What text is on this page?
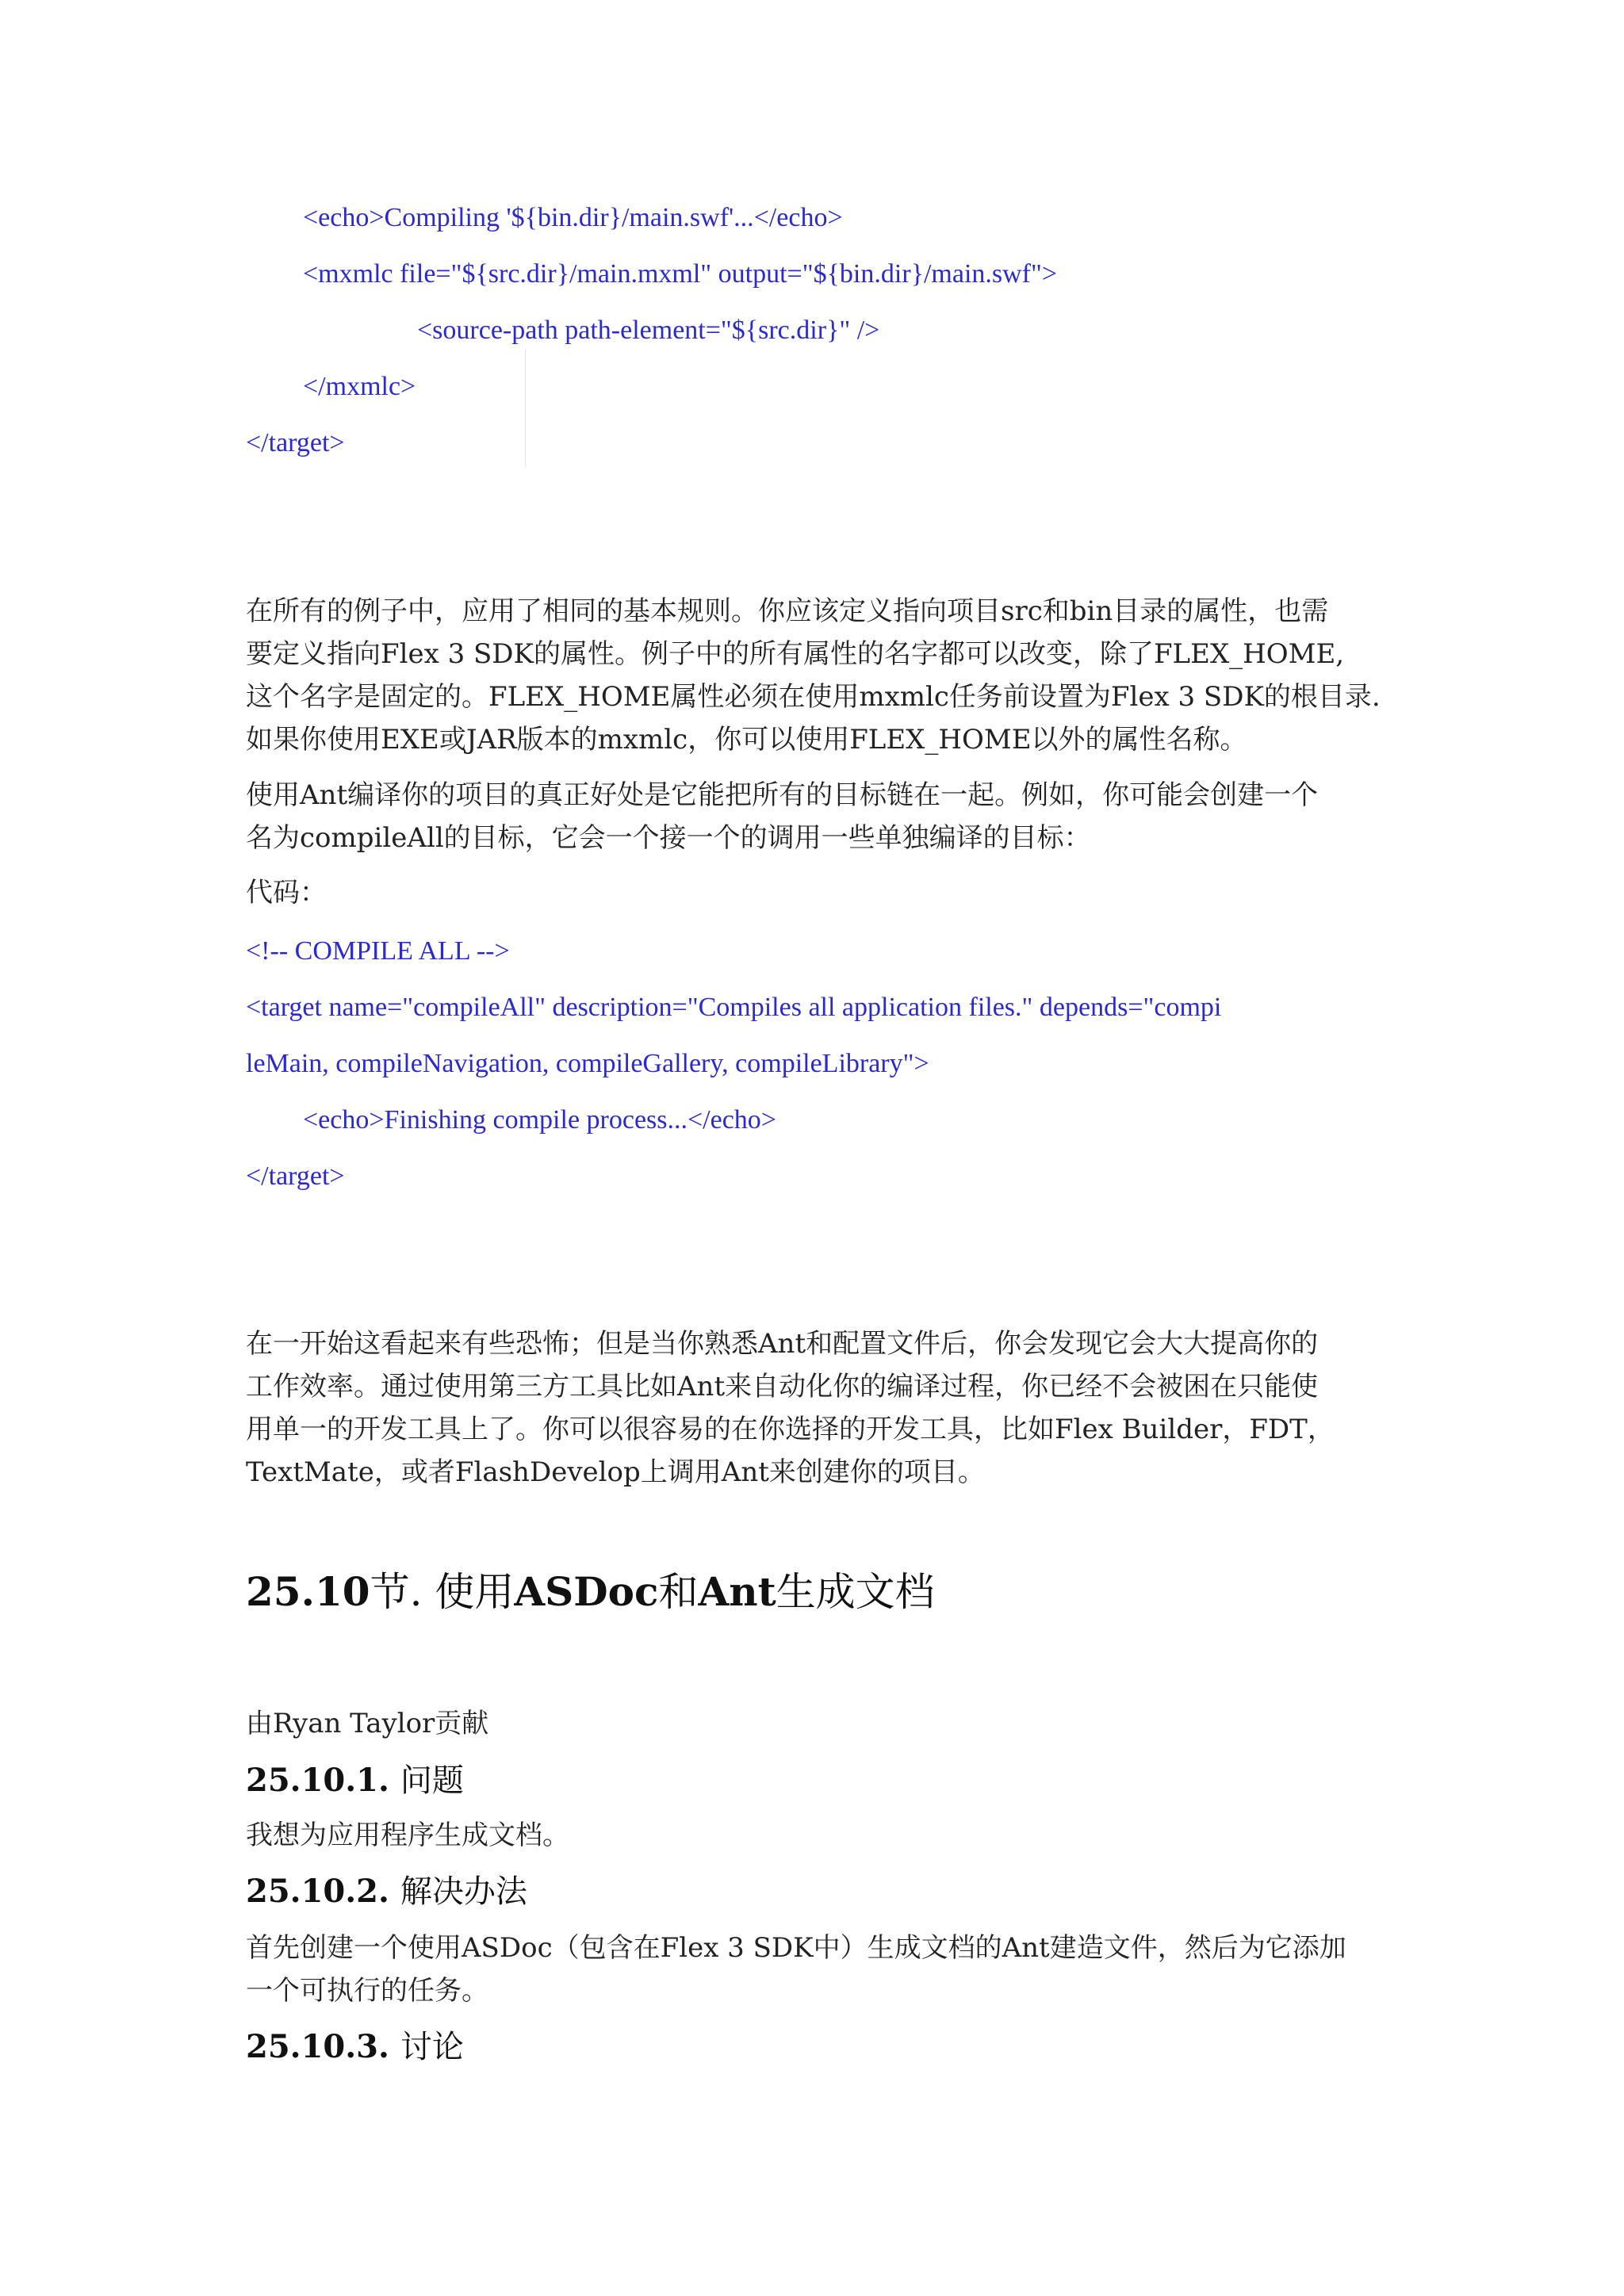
<echo>Compiling '${bin.dir}/main.swf'...</echo>
<mxmlc file="${src.dir}/main.mxml" output="${bin.dir}/main.swf">
<source-path path-element="${src.dir}" />
</mxmlc>
</target>
在所有的例子中，应用了相同的基本规则。你应该定义指向项目src和bin目录的属性，也需
要定义指向Flex 3 SDK的属性。例子中的所有属性的名字都可以改变，除了FLEX_HOME,
这个名字是固定的。FLEX_HOME属性必须在使用mxmlc任务前设置为Flex 3 SDK的根目录.
如果你使用EXE或JAR版本的mxmlc，你可以使用FLEX_HOME以外的属性名称。
使用Ant编译你的项目的真正好处是它能把所有的目标链在一起。例如，你可能会创建一个
名为compileAll的目标，它会一个接一个的调用一些单独编译的目标：
代码：
<!-- COMPILE ALL -->
<target name="compileAll" description="Compiles all application files." depends="compi
leMain, compileNavigation, compileGallery, compileLibrary">
<echo>Finishing compile process...</echo>
</target>
在一开始这看起来有些恐怖；但是当你熟悉Ant和配置文件后，你会发现它会大大提高你的
工作效率。通过使用第三方工具比如Ant来自动化你的编译过程，你已经不会被困在只能使
用单一的开发工具上了。你可以很容易的在你选择的开发工具，比如Flex Builder，FDT，
TextMate，或者FlashDevelop上调用Ant来创建你的项目。
25.10节. 使用ASDoc和Ant生成文档
由Ryan Taylor贡献
25.10.1. 问题
我想为应用程序生成文档。
25.10.2. 解决办法
首先创建一个使用ASDoc（包含在Flex 3 SDK中）生成文档的Ant建造文件，然后为它添加
一个可执行的任务。
25.10.3. 讨论
